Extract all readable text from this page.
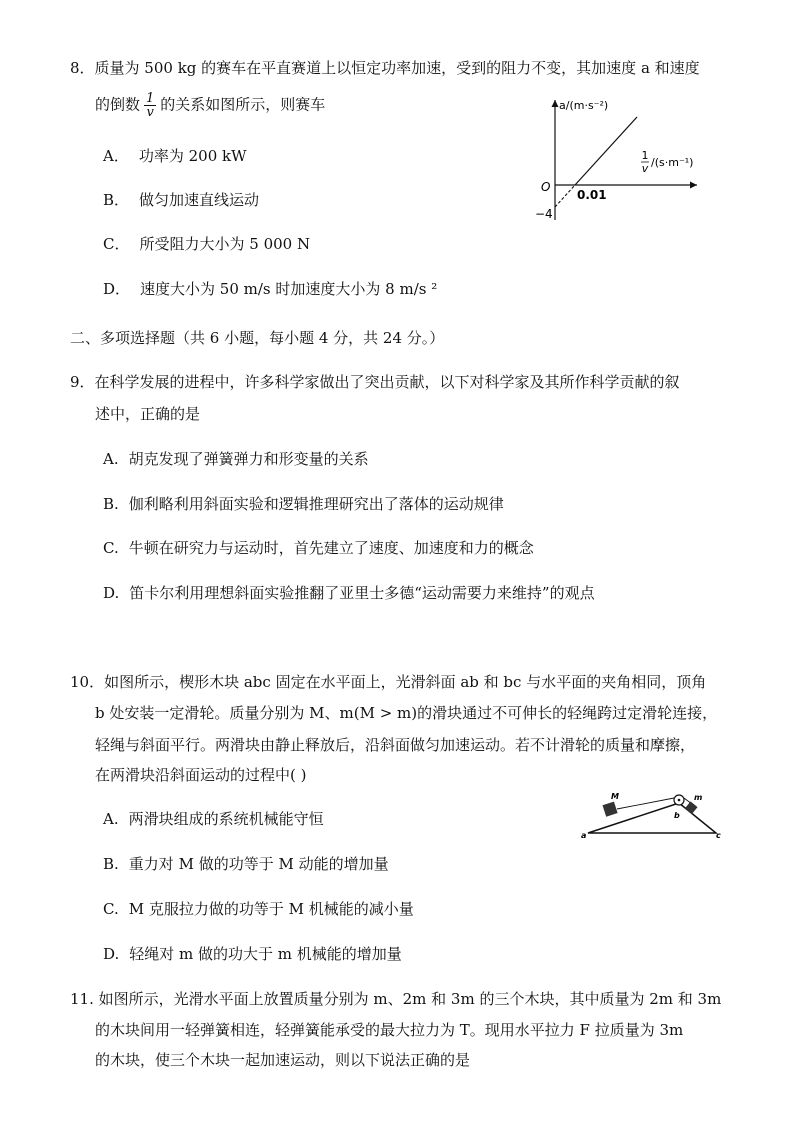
8．质量为 500 kg 的赛车在平直赛道上以恒定功率加速，受到的阻力不变，其加速度 a 和速度
的倒数 $\frac{1}{v}$ 的关系如图所示，则赛车
A． 功率为 200 kW
B． 做匀加速直线运动
C． 所受阻力大小为 5 000 N
D． 速度大小为 50 m/s 时加速度大小为 8 m/s ²
a/(m·s⁻²)
1
v /(s·m⁻¹)
O
0.01
−4
二、多项选择题（共 6 小题，每小题 4 分，共 24 分。）
9．在科学发展的进程中，许多科学家做出了突出贡献，以下对科学家及其所作科学贡献的叙
述中，正确的是
A. 胡克发现了弹簧弹力和形变量的关系
B. 伽利略利用斜面实验和逻辑推理研究出了落体的运动规律
C. 牛顿在研究力与运动时，首先建立了速度、加速度和力的概念
D. 笛卡尔利用理想斜面实验推翻了亚里士多德“运动需要力来维持”的观点
10．如图所示，楔形木块 abc 固定在水平面上，光滑斜面 ab 和 bc 与水平面的夹角相同，顶角
b 处安装一定滑轮。质量分别为 M、m(M > m)的滑块通过不可伸长的轻绳跨过定滑轮连接，
轻绳与斜面平行。两滑块由静止释放后，沿斜面做匀加速运动。若不计滑轮的质量和摩擦，
在两滑块沿斜面运动的过程中( )
A. 两滑块组成的系统机械能守恒
B. 重力对 M 做的功等于 M 动能的增加量
C. M 克服拉力做的功等于 M 机械能的减小量
D. 轻绳对 m 做的功大于 m 机械能的增加量
M	m
b
a	c
11. 如图所示，光滑水平面上放置质量分别为 m、2m 和 3m 的三个木块，其中质量为 2m 和 3m
的木块间用一轻弹簧相连，轻弹簧能承受的最大拉力为 T。现用水平拉力 F 拉质量为 3m
的木块，使三个木块一起加速运动，则以下说法正确的是
